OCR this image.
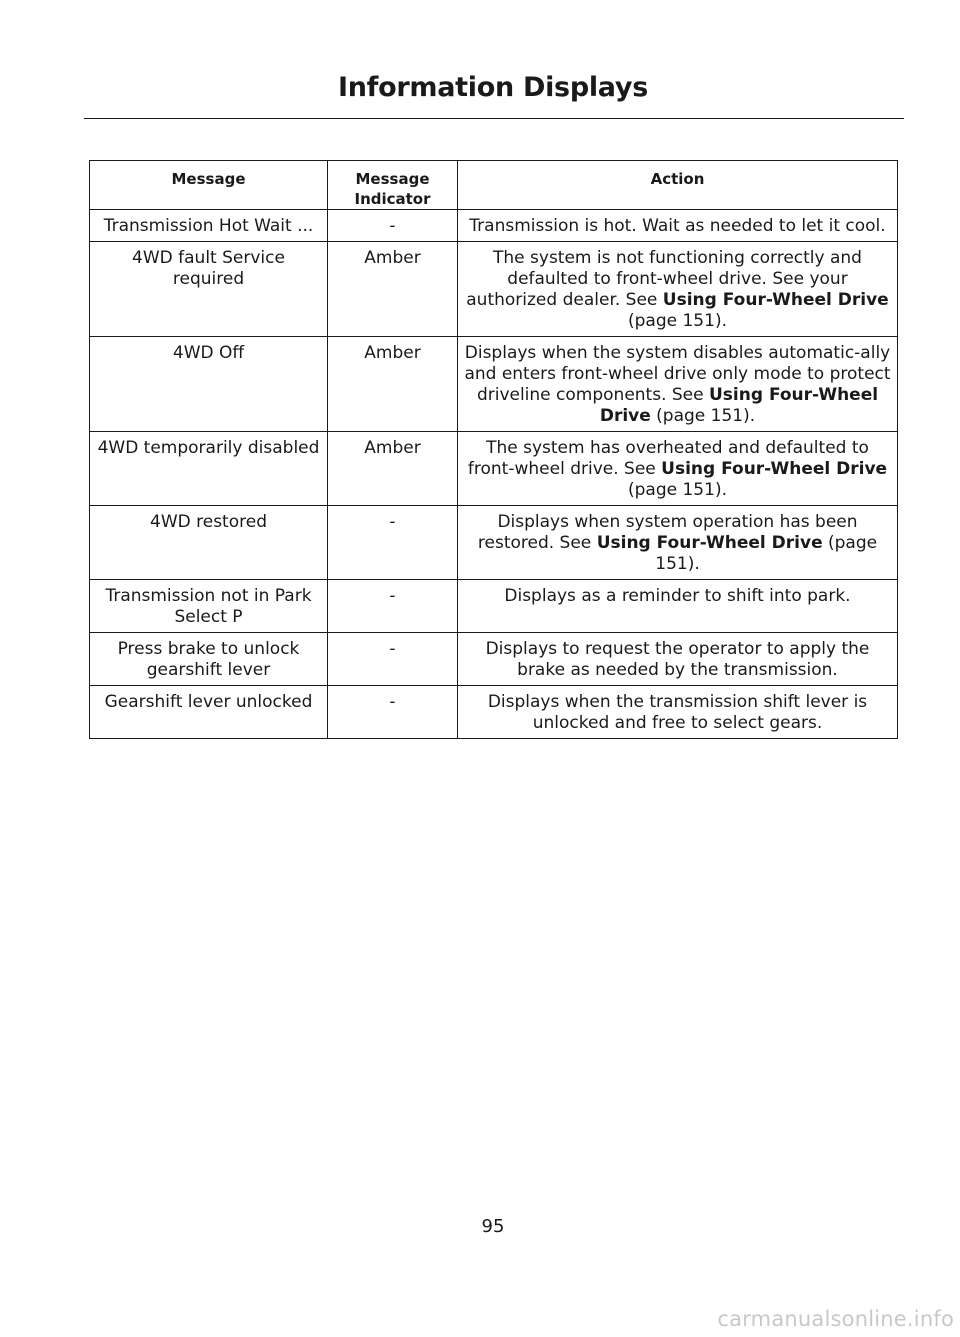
Information Displays
Message	Message Indicator	Action
Transmission Hot Wait ...	-	Transmission is hot. Wait as needed to let it cool.
4WD fault Service required	Amber	The system is not functioning correctly and defaulted to front-wheel drive. See your authorized dealer. See Using Four-Wheel Drive (page 151).
4WD Off	Amber	Displays when the system disables automatic-ally and enters front-wheel drive only mode to protect driveline components. See Using Four-Wheel Drive (page 151).
4WD temporarily disabled	Amber	The system has overheated and defaulted to front-wheel drive. See Using Four-Wheel Drive (page 151).
4WD restored	-	Displays when system operation has been restored. See Using Four-Wheel Drive (page 151).
Transmission not in Park Select P	-	Displays as a reminder to shift into park.
Press brake to unlock gearshift lever	-	Displays to request the operator to apply the brake as needed by the transmission.
Gearshift lever unlocked	-	Displays when the transmission shift lever is unlocked and free to select gears.
95
carmanualsonline.info
